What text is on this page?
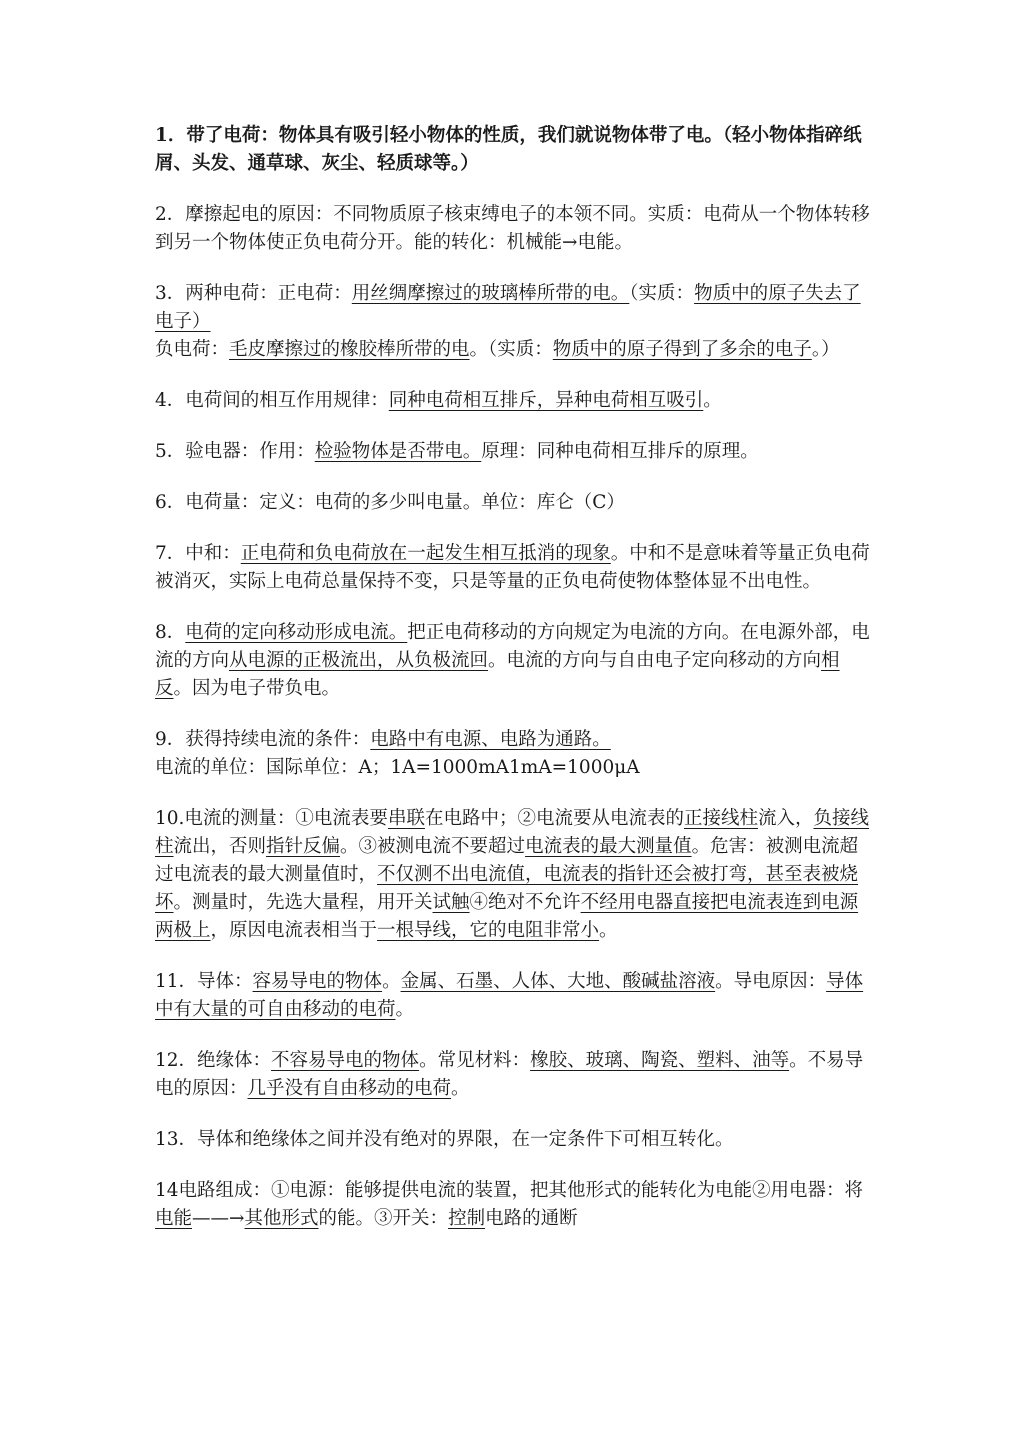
1．带了电荷：物体具有吸引轻小物体的性质，我们就说物体带了电。（轻小物体指碎纸屑、头发、通草球、灰尘、轻质球等。）

2．摩擦起电的原因：不同物质原子核束缚电子的本领不同。实质：电荷从一个物体转移到另一个物体使正负电荷分开。能的转化：机械能→电能。

3．两种电荷：正电荷：用丝绸摩擦过的玻璃棒所带的电。（实质：物质中的原子失去了电子）
负电荷：毛皮摩擦过的橡胶棒所带的电。（实质：物质中的原子得到了多余的电子。）

4．电荷间的相互作用规律：同种电荷相互排斥，异种电荷相互吸引。

5．验电器：作用：检验物体是否带电。原理：同种电荷相互排斥的原理。

6．电荷量：定义：电荷的多少叫电量。单位：库仑（C）

7．中和：正电荷和负电荷放在一起发生相互抵消的现象。中和不是意味着等量正负电荷被消灭，实际上电荷总量保持不变，只是等量的正负电荷使物体整体显不出电性。

8．电荷的定向移动形成电流。把正电荷移动的方向规定为电流的方向。在电源外部，电流的方向从电源的正极流出，从负极流回。电流的方向与自由电子定向移动的方向相反。因为电子带负电。

9．获得持续电流的条件：电路中有电源、电路为通路。
电流的单位：国际单位：A；1A=1000mA1mA=1000μA

10.电流的测量：①电流表要串联在电路中；②电流要从电流表的正接线柱流入，负接线柱流出，否则指针反偏。③被测电流不要超过电流表的最大测量值。危害：被测电流超过电流表的最大测量值时，不仅测不出电流值，电流表的指针还会被打弯，甚至表被烧坏。测量时，先选大量程，用开关试触④绝对不允许不经用电器直接把电流表连到电源两极上，原因电流表相当于一根导线，它的电阻非常小。

11．导体：容易导电的物体。金属、石墨、人体、大地、酸碱盐溶液。导电原因：导体中有大量的可自由移动的电荷。

12．绝缘体：不容易导电的物体。常见材料：橡胶、玻璃、陶瓷、塑料、油等。不易导电的原因：几乎没有自由移动的电荷。

13．导体和绝缘体之间并没有绝对的界限，在一定条件下可相互转化。

14电路组成：①电源：能够提供电流的装置，把其他形式的能转化为电能②用电器：将电能——→其他形式的能。③开关：控制电路的通断
